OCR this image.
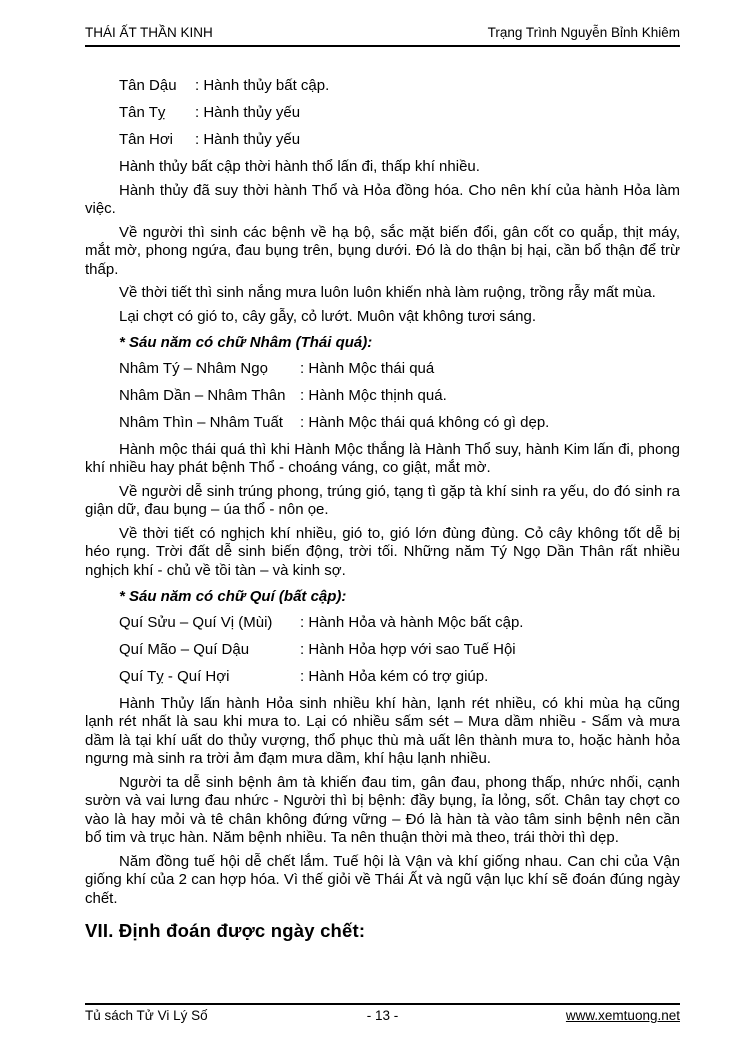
THÁI ẤT THẦN KINH	Trạng Trình Nguyễn Bỉnh Khiêm
Tân Dậu	: Hành thủy bất cập.
Tân Tỵ	: Hành thủy yếu
Tân Hơi	: Hành thủy yếu

Hành thủy bất cập thời hành thổ lấn đi, thấp khí nhiều.

Hành thủy đã suy thời hành Thổ và Hỏa đồng hóa. Cho nên khí của hành Hỏa làm việc.

Về người thì sinh các bệnh về hạ bộ, sắc mặt biến đổi, gân cốt co quắp, thịt máy, mắt mờ, phong ngứa, đau bụng trên, bụng dưới. Đó là do thận bị hại, cần bổ thận để trừ thấp.

Về thời tiết thì sinh nắng mưa luôn luôn khiến nhà làm ruộng, trồng rẫy mất mùa.

Lại chợt có gió to, cây gẫy, cỏ lướt. Muôn vật không tươi sáng.

* Sáu năm có chữ Nhâm (Thái quá):
Nhâm Tý – Nhâm Ngọ	: Hành Mộc thái quá
Nhâm Dần – Nhâm Thân : Hành Mộc thịnh quá.
Nhâm Thìn – Nhâm Tuất	: Hành Mộc thái quá không có gì dẹp.

Hành mộc thái quá thì khi Hành Mộc thắng là Hành Thổ suy, hành Kim lấn đi, phong khí nhiều hay phát bệnh Thổ - choáng váng, co giật, mắt mờ.

Về người dễ sinh trúng phong, trúng gió, tạng tì gặp tà khí sinh ra yếu, do đó sinh ra giận dữ, đau bụng – úa thổ - nôn ọe.

Về thời tiết có nghịch khí nhiều, gió to, gió lớn đùng đùng. Cỏ cây không tốt dễ bị héo rụng. Trời đất dễ sinh biến động, trời tối. Những năm Tý Ngọ Dần Thân rất nhiều nghịch khí - chủ về tồi tàn – và kinh sợ.

* Sáu năm có chữ Quí (bất cập):
Quí Sửu – Quí Vị (Mùi)	: Hành Hỏa và hành Mộc bất cập.
Quí Mão – Quí Dậu	: Hành Hỏa hợp với sao Tuế Hội
Quí Tỵ - Quí Hợi	: Hành Hỏa kém có trợ giúp.

Hành Thủy lấn hành Hỏa sinh nhiều khí hàn, lạnh rét nhiều, có khi mùa hạ cũng lạnh rét nhất là sau khi mưa to. Lại có nhiều sấm sét – Mưa dầm nhiều - Sấm và mưa dầm là tại khí uất do thủy vượng, thổ phục thù mà uất lên thành mưa to, hoặc hành hỏa ngưng mà sinh ra trời ảm đạm mưa dầm, khí hậu lạnh nhiều.

Người ta dễ sinh bệnh âm tà khiến đau tim, gân đau, phong thấp, nhức nhối, cạnh sườn và vai lưng đau nhức - Người thì bị bệnh: đầy bụng, ỉa lỏng, sốt. Chân tay chợt co vào là hay mỏi và tê chân không đứng vững – Đó là hàn tà vào tâm sinh bệnh nên cần bổ tim và trục hàn. Năm bệnh nhiều. Ta nên thuận thời mà theo, trái thời thì dẹp.

Năm đồng tuế hội dễ chết lắm. Tuế hội là Vận và khí giống nhau. Can chi của Vận giống khí của 2 can hợp hóa. Vì thế giỏi về Thái Ất và ngũ vận lục khí sẽ đoán đúng ngày chết.

VII. Định đoán được ngày chết:
Tủ sách Tử Vi Lý Số	- 13 -	www.xemtuong.net
